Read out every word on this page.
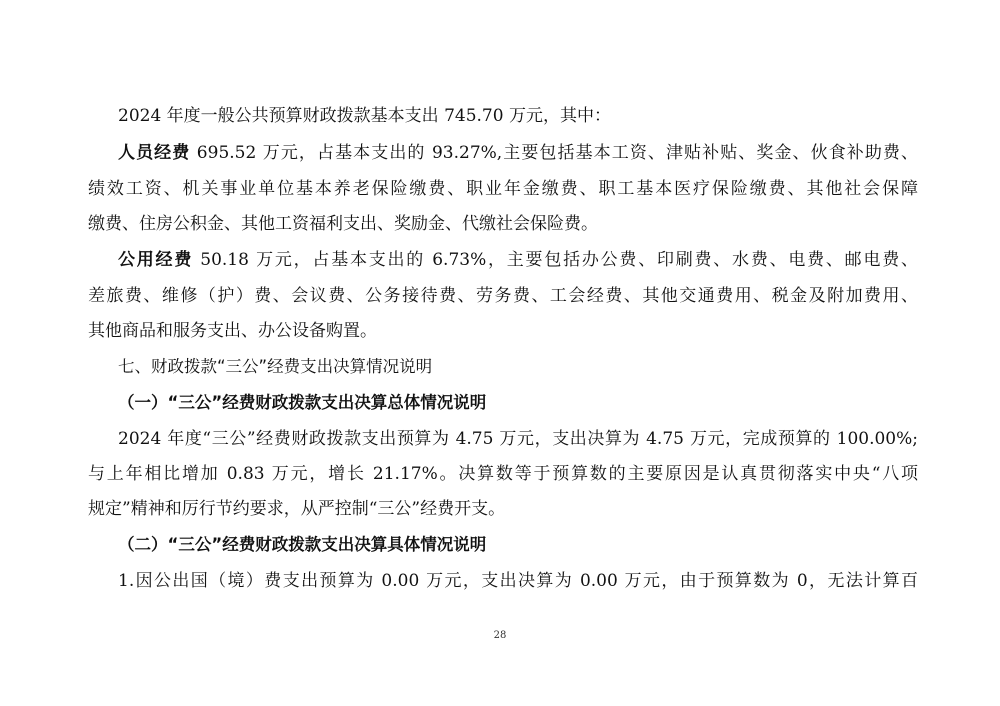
2024 年度一般公共预算财政拨款基本支出 745.70 万元，其中：
人员经费 695.52 万元，占基本支出的 93.27%,主要包括基本工资、津贴补贴、奖金、伙食补助费、
绩效工资、机关事业单位基本养老保险缴费、职业年金缴费、职工基本医疗保险缴费、其他社会保障
缴费、住房公积金、其他工资福利支出、奖励金、代缴社会保险费。
公用经费 50.18 万元，占基本支出的 6.73%，主要包括办公费、印刷费、水费、电费、邮电费、
差旅费、维修（护）费、会议费、公务接待费、劳务费、工会经费、其他交通费用、税金及附加费用、
其他商品和服务支出、办公设备购置。
七、财政拨款“三公”经费支出决算情况说明
（一）“三公”经费财政拨款支出决算总体情况说明
2024 年度“三公”经费财政拨款支出预算为 4.75 万元，支出决算为 4.75 万元，完成预算的 100.00%;
与上年相比增加 0.83 万元，增长 21.17%。决算数等于预算数的主要原因是认真贯彻落实中央“八项
规定”精神和厉行节约要求，从严控制“三公”经费开支。
（二）“三公”经费财政拨款支出决算具体情况说明
1.因公出国（境）费支出预算为 0.00 万元，支出决算为 0.00 万元，由于预算数为 0，无法计算百
28
